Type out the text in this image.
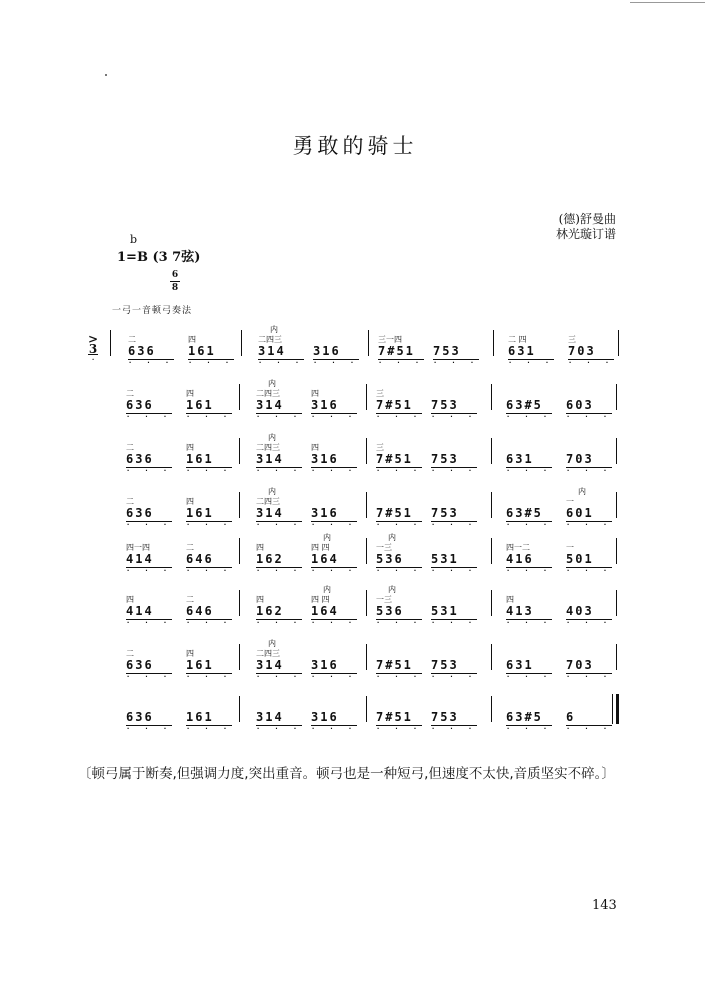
勇敢的骑士
(德)舒曼曲
林光璇订谱
b
1=B (3 7弦)
6
8
一弓一音顿弓奏法
>
3
·
二
636
· · ·
四
161
· · ·
内
二四三
314
· · ·
316
· · ·
三一四
7#51
· · ·
753
· · ·
二 四
631
· · ·
三
703
· · ·
二
636
· · ·
四
161
· · ·
内
二四三
314
· · ·
四
316
· · ·
三
7#51
· · ·
753
· · ·
63#5
· · ·
603
· · ·
二
636
· · ·
四
161
· · ·
内
二四三
314
· · ·
四
316
· · ·
三
7#51
· · ·
753
· · ·
631
· · ·
703
· · ·
二
636
· · ·
四
161
· · ·
内
二四三
314
· · ·
316
· · ·
7#51
· · ·
753
· · ·
63#5
· · ·
内
一
601
· · ·
四一四
414
· · ·
二
646
· · ·
四
162
· · ·
内
四 四
164
· · ·
内
一三
536
· · ·
531
· · ·
四一二
416
· · ·
一
501
· · ·
四
414
· · ·
二
646
· · ·
四
162
· · ·
内
四 四
164
· · ·
内
一三
536
· · ·
531
· · ·
四
413
· · ·
403
· · ·
二
636
· · ·
四
161
· · ·
内
二四三
314
· · ·
316
· · ·
7#51
· · ·
753
· · ·
631
· · ·
703
· · ·
636
· · ·
161
· · ·
314
· · ·
316
· · ·
7#51
· · ·
753
· · ·
63#5
· · ·
6
· · ·
〔顿弓属于断奏,但强调力度,突出重音。顿弓也是一种短弓,但速度不太快,音质坚实不碎。〕
143
